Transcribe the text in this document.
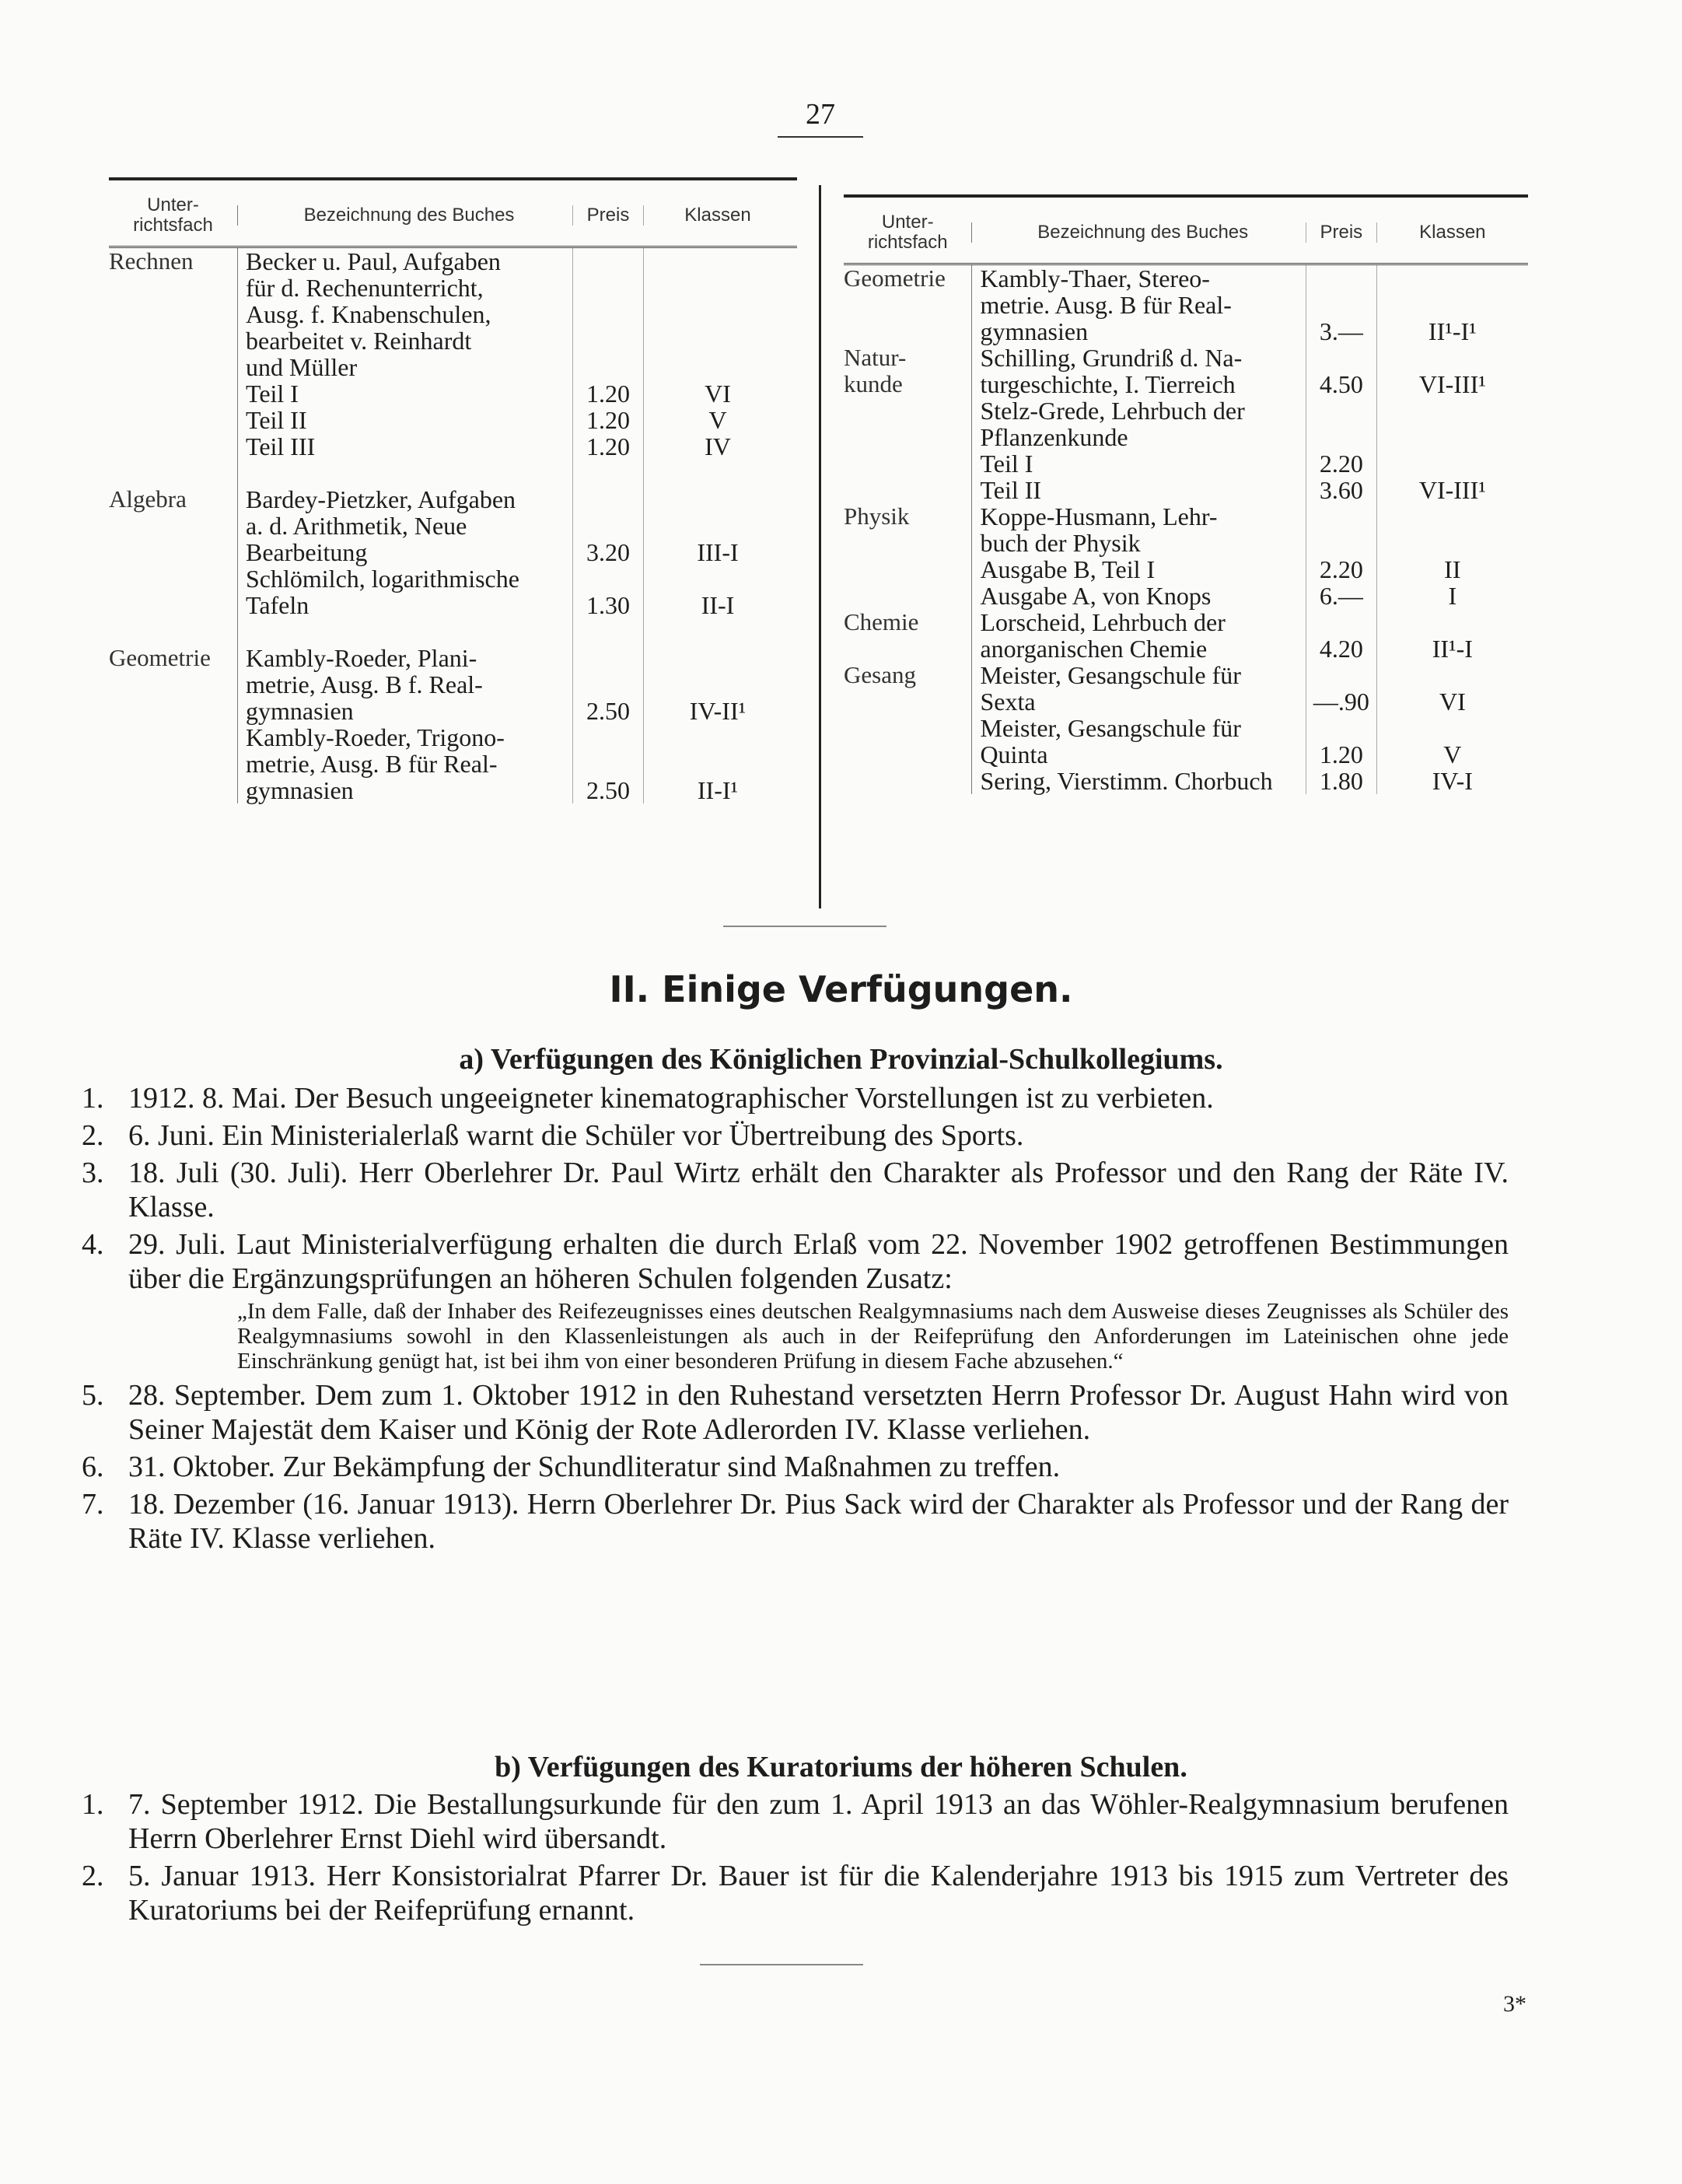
27
Unter-richtsfach	Bezeichnung des Buches	Preis	Klassen
Rechnen	Becker u. Paul, Aufgaben

für d. Rechenunterricht,

Ausg. f. Knabenschulen,

bearbeitet v. Reinhardt

und Müller

Teil I	1.20	VI

Teil II	1.20	V

Teil III	1.20	IV

Algebra	Bardey-Pietzker, Aufgaben

a. d. Arithmetik, Neue

Bearbeitung	3.20	III-I

Schlömilch, logarithmische

Tafeln	1.30	II-I

Geometrie	Kambly-Roeder, Plani-

metrie, Ausg. B f. Real-

gymnasien	2.50	IV-II¹

Kambly-Roeder, Trigono-

metrie, Ausg. B für Real-

gymnasien	2.50	II-I¹
Unter-richtsfach	Bezeichnung des Buches	Preis	Klassen
Geometrie	Kambly-Thaer, Stereo-

metrie. Ausg. B für Real-

gymnasien	3.—	II¹-I¹
Natur-	Schilling, Grundriß d. Na-

kunde	turgeschichte, I. Tierreich	4.50	VI-III¹

Stelz-Grede, Lehrbuch der

Pflanzenkunde

Teil I	2.20

Teil II	3.60	VI-III¹
Physik	Koppe-Husmann, Lehr-

buch der Physik

Ausgabe B, Teil I	2.20	II

Ausgabe A, von Knops	6.—	I
Chemie	Lorscheid, Lehrbuch der

anorganischen Chemie	4.20	II¹-I
Gesang	Meister, Gesangschule für

Sexta	—.90	VI

Meister, Gesangschule für

Quinta	1.20	V

Sering, Vierstimm. Chorbuch	1.80	IV-I
II. Einige Verfügungen.
a) Verfügungen des Königlichen Provinzial-Schulkollegiums.
1. 1912. 8. Mai. Der Besuch ungeeigneter kinematographischer Vorstellungen ist zu verbieten.
2. 6. Juni. Ein Ministerialerlaß warnt die Schüler vor Übertreibung des Sports.
3. 18. Juli (30. Juli). Herr Oberlehrer Dr. Paul Wirtz erhält den Charakter als Professor und den Rang der Räte IV. Klasse.
4. 29. Juli. Laut Ministerialverfügung erhalten die durch Erlaß vom 22. November 1902 getroffenen Bestimmungen über die Ergänzungsprüfungen an höheren Schulen folgenden Zusatz:
„In dem Falle, daß der Inhaber des Reifezeugnisses eines deutschen Realgymnasiums nach dem Ausweise dieses Zeugnisses als Schüler des Realgymnasiums sowohl in den Klassenleistungen als auch in der Reifeprüfung den Anforderungen im Lateinischen ohne jede Einschränkung genügt hat, ist bei ihm von einer besonderen Prüfung in diesem Fache abzusehen.“
5. 28. September. Dem zum 1. Oktober 1912 in den Ruhestand versetzten Herrn Professor Dr. August Hahn wird von Seiner Majestät dem Kaiser und König der Rote Adlerorden IV. Klasse verliehen.
6. 31. Oktober. Zur Bekämpfung der Schundliteratur sind Maßnahmen zu treffen.
7. 18. Dezember (16. Januar 1913). Herrn Oberlehrer Dr. Pius Sack wird der Charakter als Professor und der Rang der Räte IV. Klasse verliehen.
b) Verfügungen des Kuratoriums der höheren Schulen.
1. 7. September 1912. Die Bestallungsurkunde für den zum 1. April 1913 an das Wöhler-Realgymnasium berufenen Herrn Oberlehrer Ernst Diehl wird übersandt.
2. 5. Januar 1913. Herr Konsistorialrat Pfarrer Dr. Bauer ist für die Kalenderjahre 1913 bis 1915 zum Vertreter des Kuratoriums bei der Reifeprüfung ernannt.
3*
